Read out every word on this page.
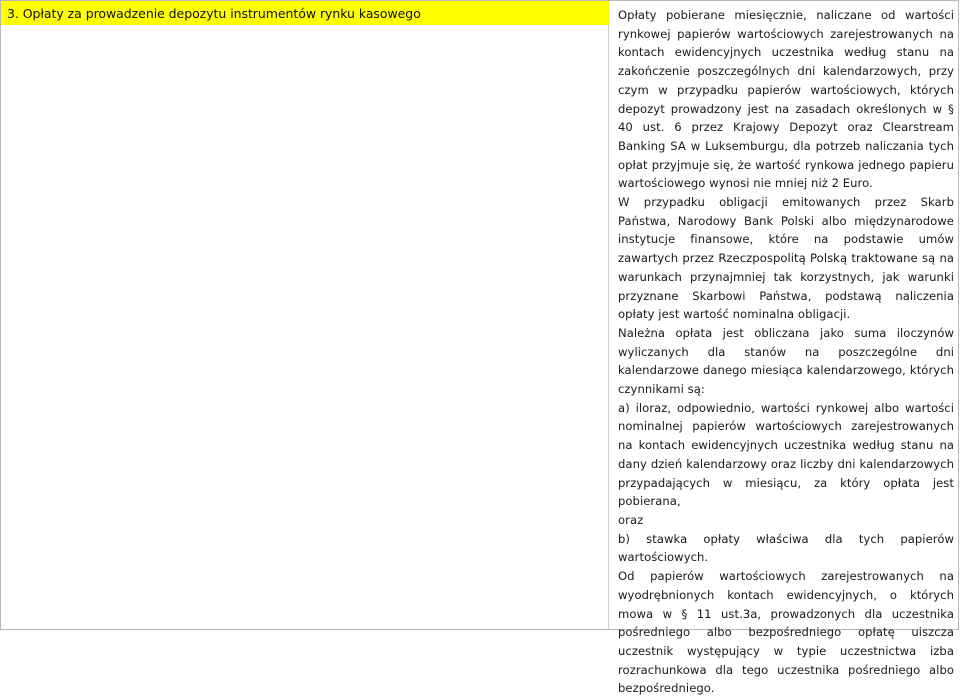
3. Opłaty za prowadzenie depozytu instrumentów rynku kasowego	Opłaty pobierane miesięcznie, naliczane od wartości rynkowej papierów wartościowych zarejestrowanych na kontach ewidencyjnych uczestnika według stanu na zakończenie poszczególnych dni kalendarzowych, przy czym w przypadku papierów wartościowych, których depozyt prowadzony jest na zasadach określonych w § 40 ust. 6 przez Krajowy Depozyt oraz Clearstream Banking SA w Luksemburgu, dla potrzeb naliczania tych opłat przyjmuje się, że wartość rynkowa jednego papieru wartościowego wynosi nie mniej niż 2 Euro.

W przypadku obligacji emitowanych przez Skarb Państwa, Narodowy Bank Polski albo międzynarodowe instytucje finansowe, które na podstawie umów zawartych przez Rzeczpospolitą Polską traktowane są na warunkach przynajmniej tak korzystnych, jak warunki przyznane Skarbowi Państwa, podstawą naliczenia opłaty jest wartość nominalna obligacji.

Należna opłata jest obliczana jako suma iloczynów wyliczanych dla stanów na poszczególne dni kalendarzowe danego miesiąca kalendarzowego, których czynnikami są:

a) iloraz, odpowiednio, wartości rynkowej albo wartości nominalnej papierów wartościowych zarejestrowanych na kontach ewidencyjnych uczestnika według stanu na dany dzień kalendarzowy oraz liczby dni kalendarzowych przypadających w miesiącu, za który opłata jest pobierana,

oraz

b) stawka opłaty właściwa dla tych papierów wartościowych.

Od papierów wartościowych zarejestrowanych na wyodrębnionych kontach ewidencyjnych, o których mowa w § 11 ust.3a, prowadzonych dla uczestnika pośredniego albo bezpośredniego opłatę uiszcza uczestnik występujący w typie uczestnictwa izba rozrachunkowa dla tego uczestnika pośredniego albo bezpośredniego.
